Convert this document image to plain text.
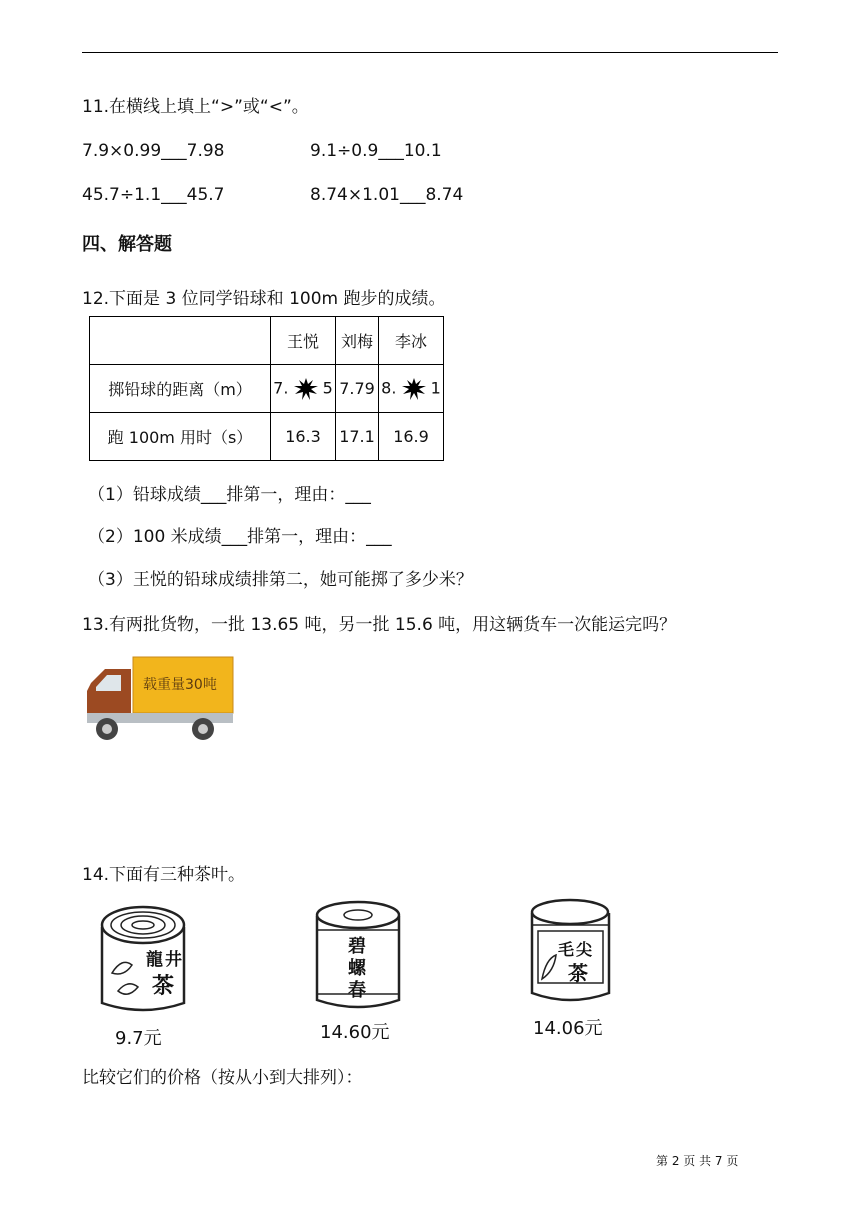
11.在横线上填上“>”或“<”。
7.9×0.99___7.98	9.1÷0.9___10.1
45.7÷1.1___45.7	8.74×1.01___8.74
四、解答题
12.下面是 3 位同学铅球和 100m 跑步的成绩。
	王悦	刘梅	李冰
掷铅球的距离（m）	7. 5	7.79	8. 1
跑 100m 用时（s）	16.3	17.1	16.9
（1）铅球成绩___排第一，理由：___
（2）100 米成绩___排第一，理由：___
（3）王悦的铅球成绩排第二，她可能掷了多少米？
13.有两批货物，一批 13.65 吨，另一批 15.6 吨，用这辆货车一次能运完吗？
载重量30吨
14.下面有三种茶叶。
龍井
茶
9.7元
碧
螺
春
14.60元
毛尖
茶
14.06元
比较它们的价格（按从小到大排列）：
第 2 页 共 7 页
